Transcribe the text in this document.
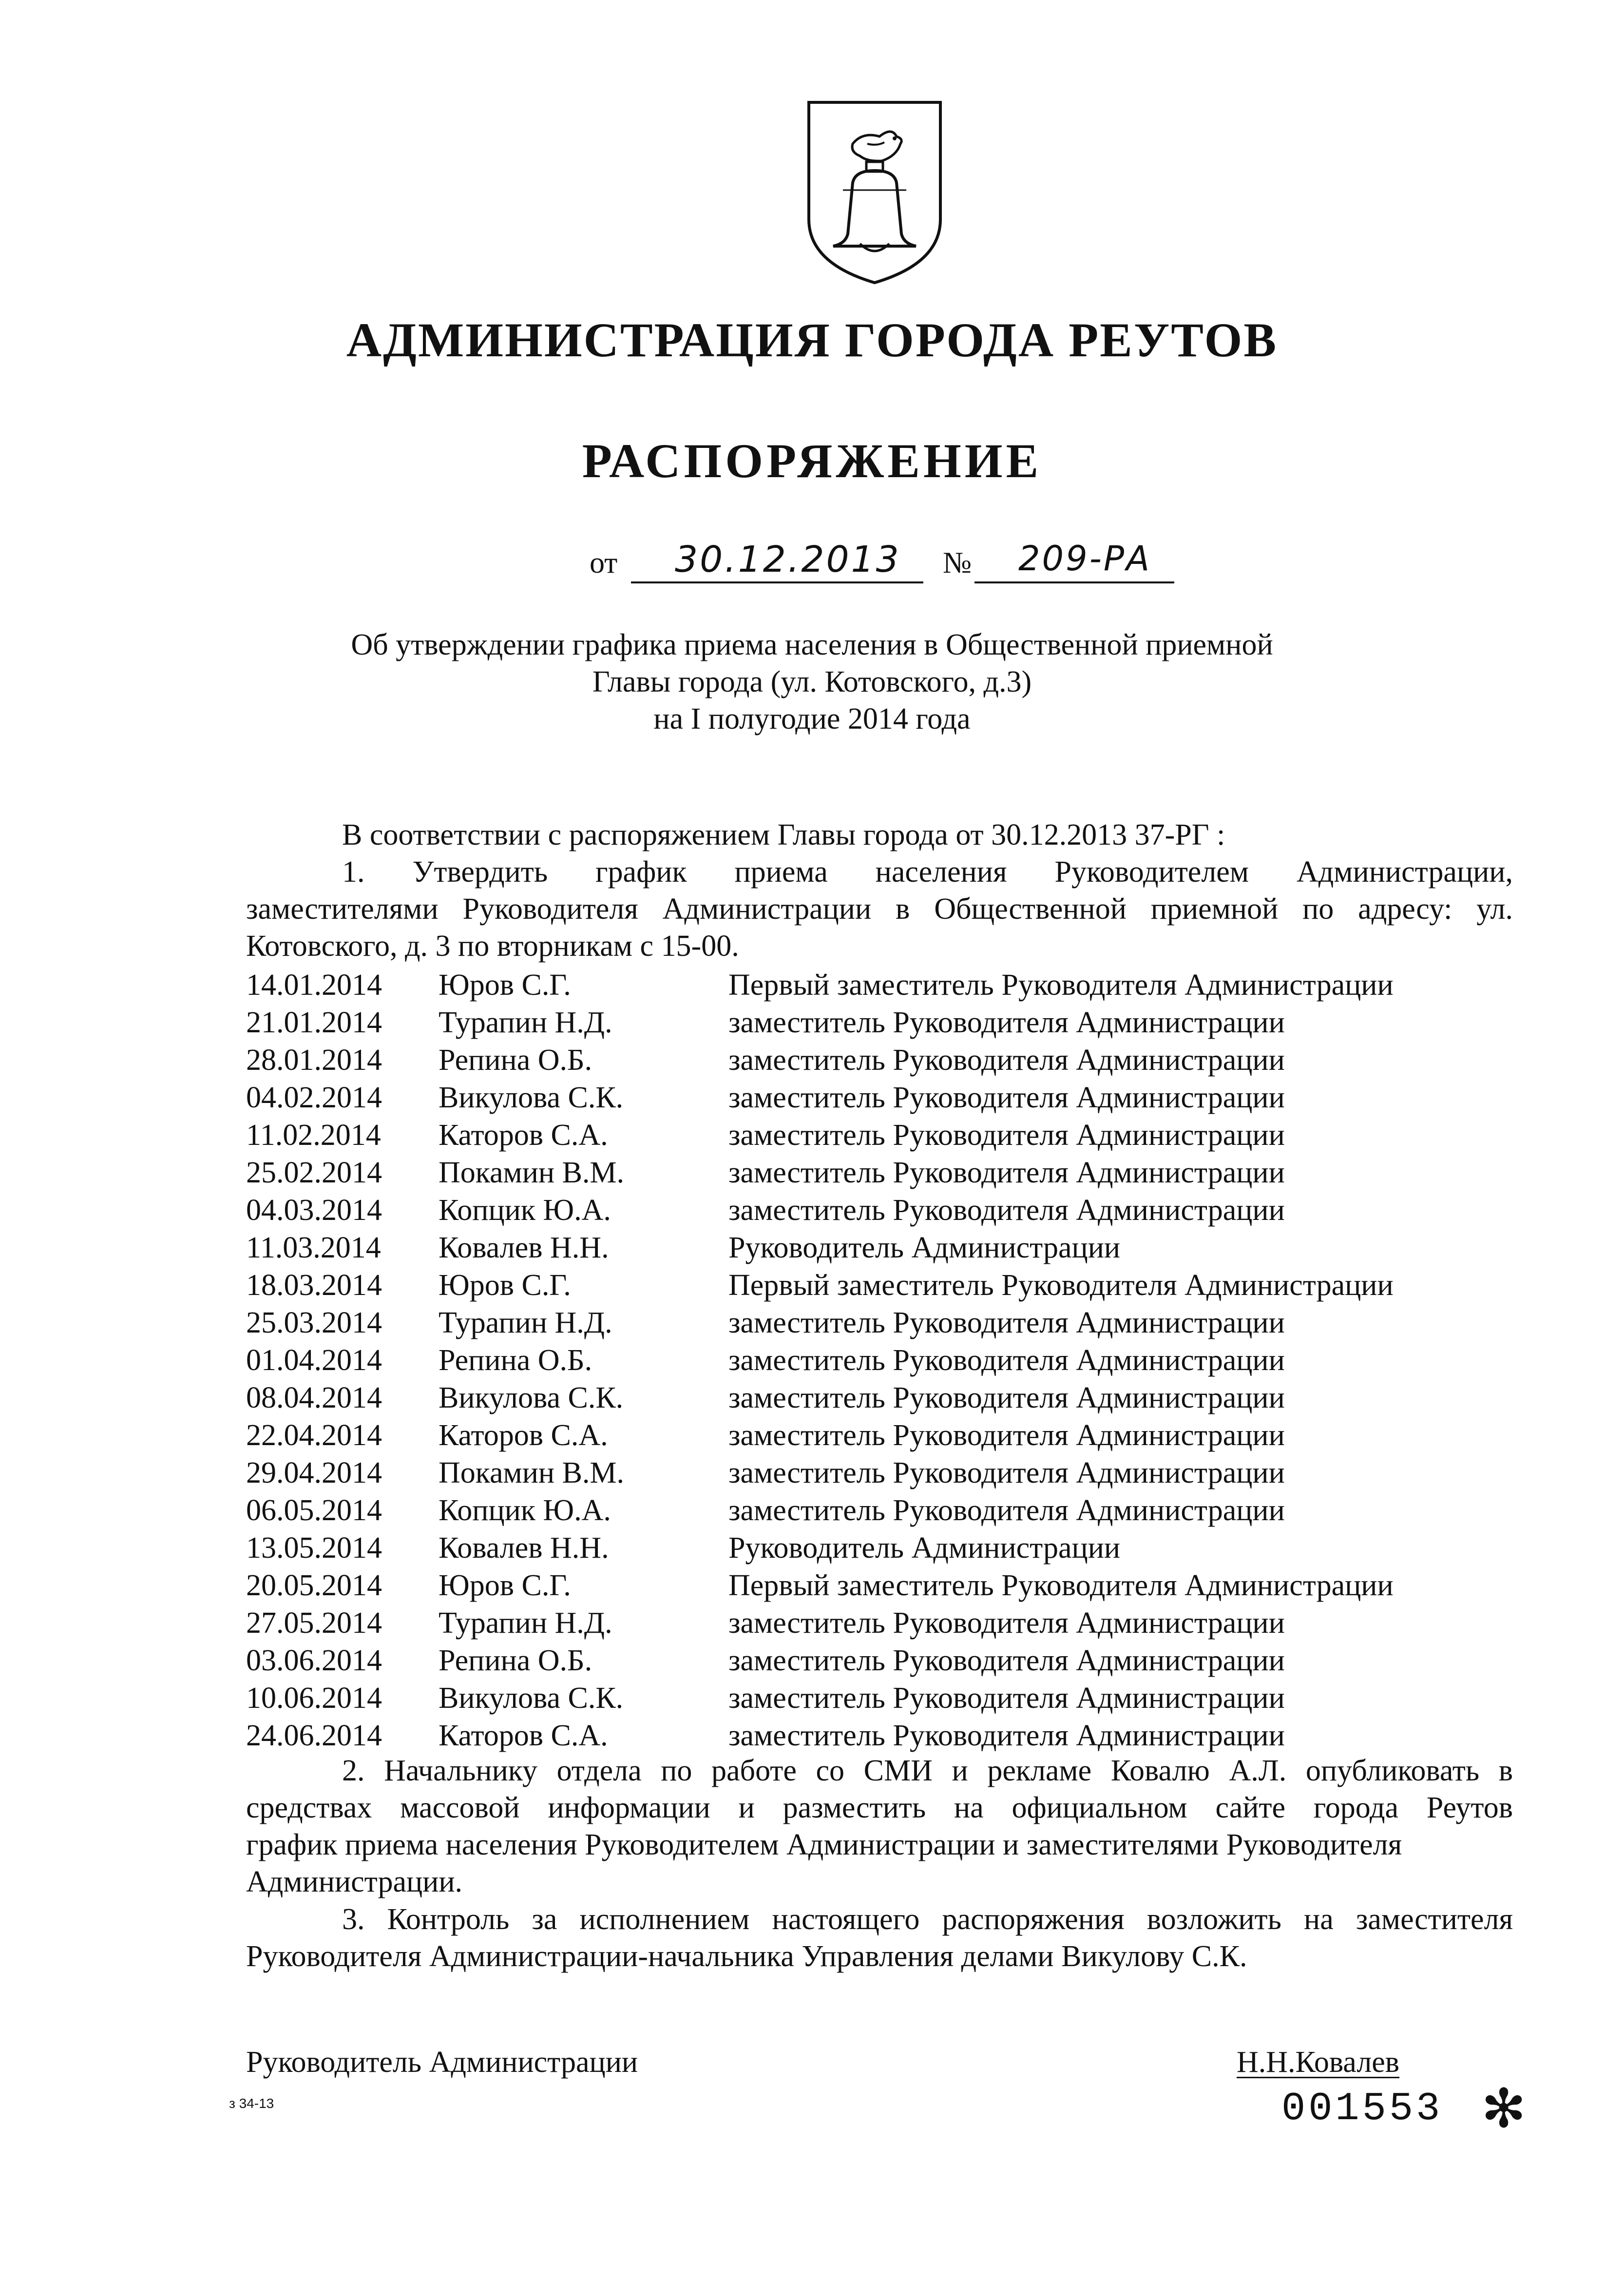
АДМИНИСТРАЦИЯ ГОРОДА РЕУТОВ
РАСПОРЯЖЕНИЕ
от 30.12.2013 № 209-РА
Об утверждении графика приема населения в Общественной приемной
Главы города (ул. Котовского, д.3)
на I полугодие 2014 года
В соответствии с распоряжением Главы города от 30.12.2013 37-РГ :
1. Утвердить график приема населения Руководителем Администрации,
заместителями Руководителя Администрации в Общественной приемной по адресу: ул.
Котовского, д. 3 по вторникам с 15-00.
14.01.2014 Юров С.Г.	Первый заместитель Руководителя Администрации
21.01.2014 Турапин Н.Д.	заместитель Руководителя Администрации
28.01.2014 Репина О.Б.	заместитель Руководителя Администрации
04.02.2014 Викулова С.К.	заместитель Руководителя Администрации
11.02.2014 Каторов С.А.	заместитель Руководителя Администрации
25.02.2014 Покамин В.М.	заместитель Руководителя Администрации
04.03.2014 Копцик Ю.А.	заместитель Руководителя Администрации
11.03.2014 Ковалев Н.Н.	Руководитель Администрации
18.03.2014 Юров С.Г.	Первый заместитель Руководителя Администрации
25.03.2014 Турапин Н.Д.	заместитель Руководителя Администрации
01.04.2014 Репина О.Б.	заместитель Руководителя Администрации
08.04.2014 Викулова С.К.	заместитель Руководителя Администрации
22.04.2014 Каторов С.А.	заместитель Руководителя Администрации
29.04.2014 Покамин В.М.	заместитель Руководителя Администрации
06.05.2014 Копцик Ю.А.	заместитель Руководителя Администрации
13.05.2014 Ковалев Н.Н.	Руководитель Администрации
20.05.2014 Юров С.Г.	Первый заместитель Руководителя Администрации
27.05.2014 Турапин Н.Д.	заместитель Руководителя Администрации
03.06.2014 Репина О.Б.	заместитель Руководителя Администрации
10.06.2014 Викулова С.К.	заместитель Руководителя Администрации
24.06.2014 Каторов С.А.	заместитель Руководителя Администрации
2. Начальнику отдела по работе со СМИ и рекламе Ковалю А.Л. опубликовать в
средствах массовой информации и разместить на официальном сайте города Реутов
график приема населения Руководителем Администрации и заместителями Руководителя
Администрации.
3. Контроль за исполнением настоящего распоряжения возложить на заместителя
Руководителя Администрации-начальника Управления делами Викулову С.К.
Руководитель Администрации	Н.Н.Ковалев
з 34-13	001553 ✻
